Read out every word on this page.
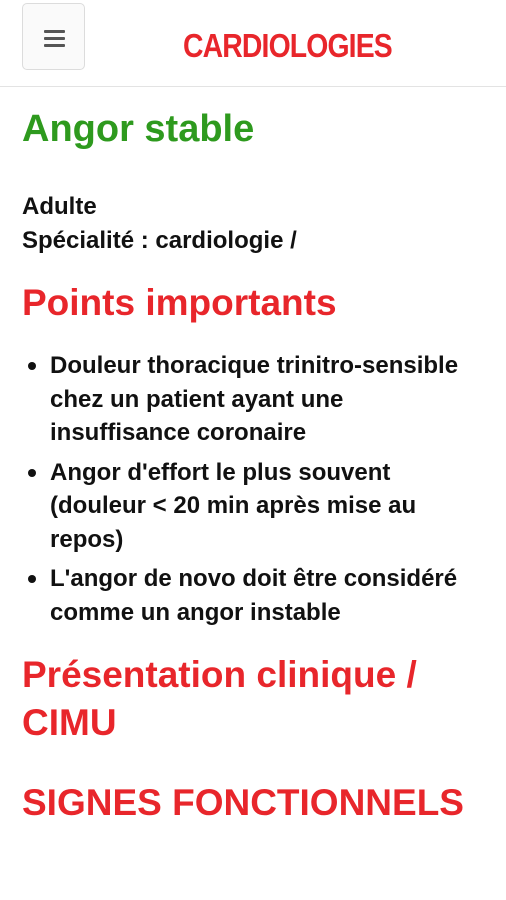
CARDIOLOGIES
Angor stable
Adulte
Spécialité : cardiologie /
Points importants
Douleur thoracique trinitro-sensible chez un patient ayant une insuffisance coronaire
Angor d'effort le plus souvent (douleur < 20 min après mise au repos)
L'angor de novo doit être considéré comme un angor instable
Présentation clinique / CIMU
SIGNES FONCTIONNELS
